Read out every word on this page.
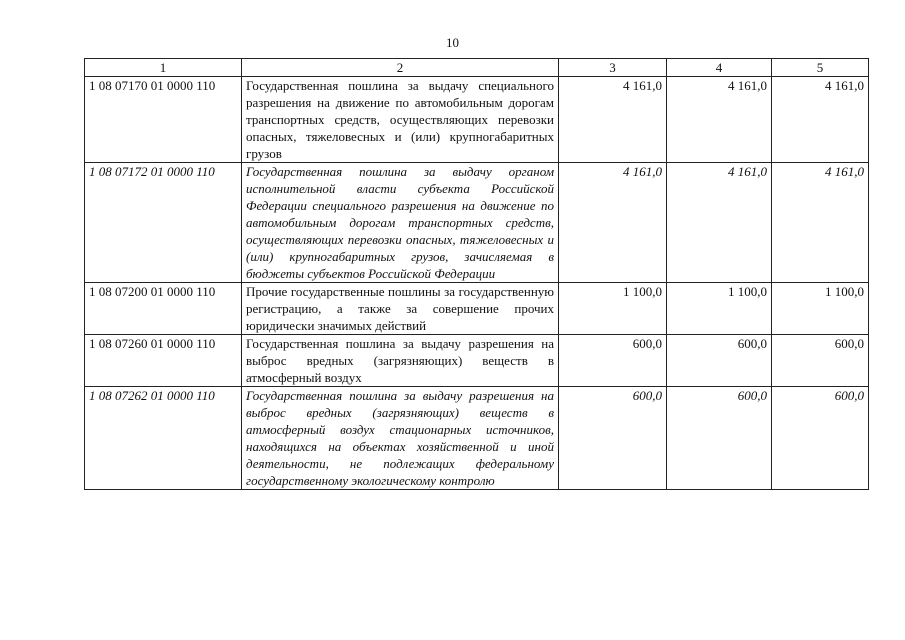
10
1	2	3	4	5
1 08 07170 01 0000 110	Государственная пошлина за выдачу специального разрешения на движение по автомобильным дорогам транспортных средств, осуществляющих перевозки опасных, тяжеловесных и (или) крупногабаритных грузов	4 161,0	4 161,0	4 161,0
1 08 07172 01 0000 110	Государственная пошлина за выдачу органом исполнительной власти субъекта Российской Федерации специального разрешения на движение по автомобильным дорогам транспортных средств, осуществляющих перевозки опасных, тяжеловесных и (или) крупногабаритных грузов, зачисляемая в бюджеты субъектов Российской Федерации	4 161,0	4 161,0	4 161,0
1 08 07200 01 0000 110	Прочие государственные пошлины за государственную регистрацию, а также за совершение прочих юридически значимых действий	1 100,0	1 100,0	1 100,0
1 08 07260 01 0000 110	Государственная пошлина за выдачу разрешения на выброс вредных (загрязняющих) веществ в атмосферный воздух	600,0	600,0	600,0
1 08 07262 01 0000 110	Государственная пошлина за выдачу разрешения на выброс вредных (загрязняющих) веществ в атмосферный воздух стационарных источников, находящихся на объектах хозяйственной и иной деятельности, не подлежащих федеральному государственному экологическому контролю	600,0	600,0	600,0
